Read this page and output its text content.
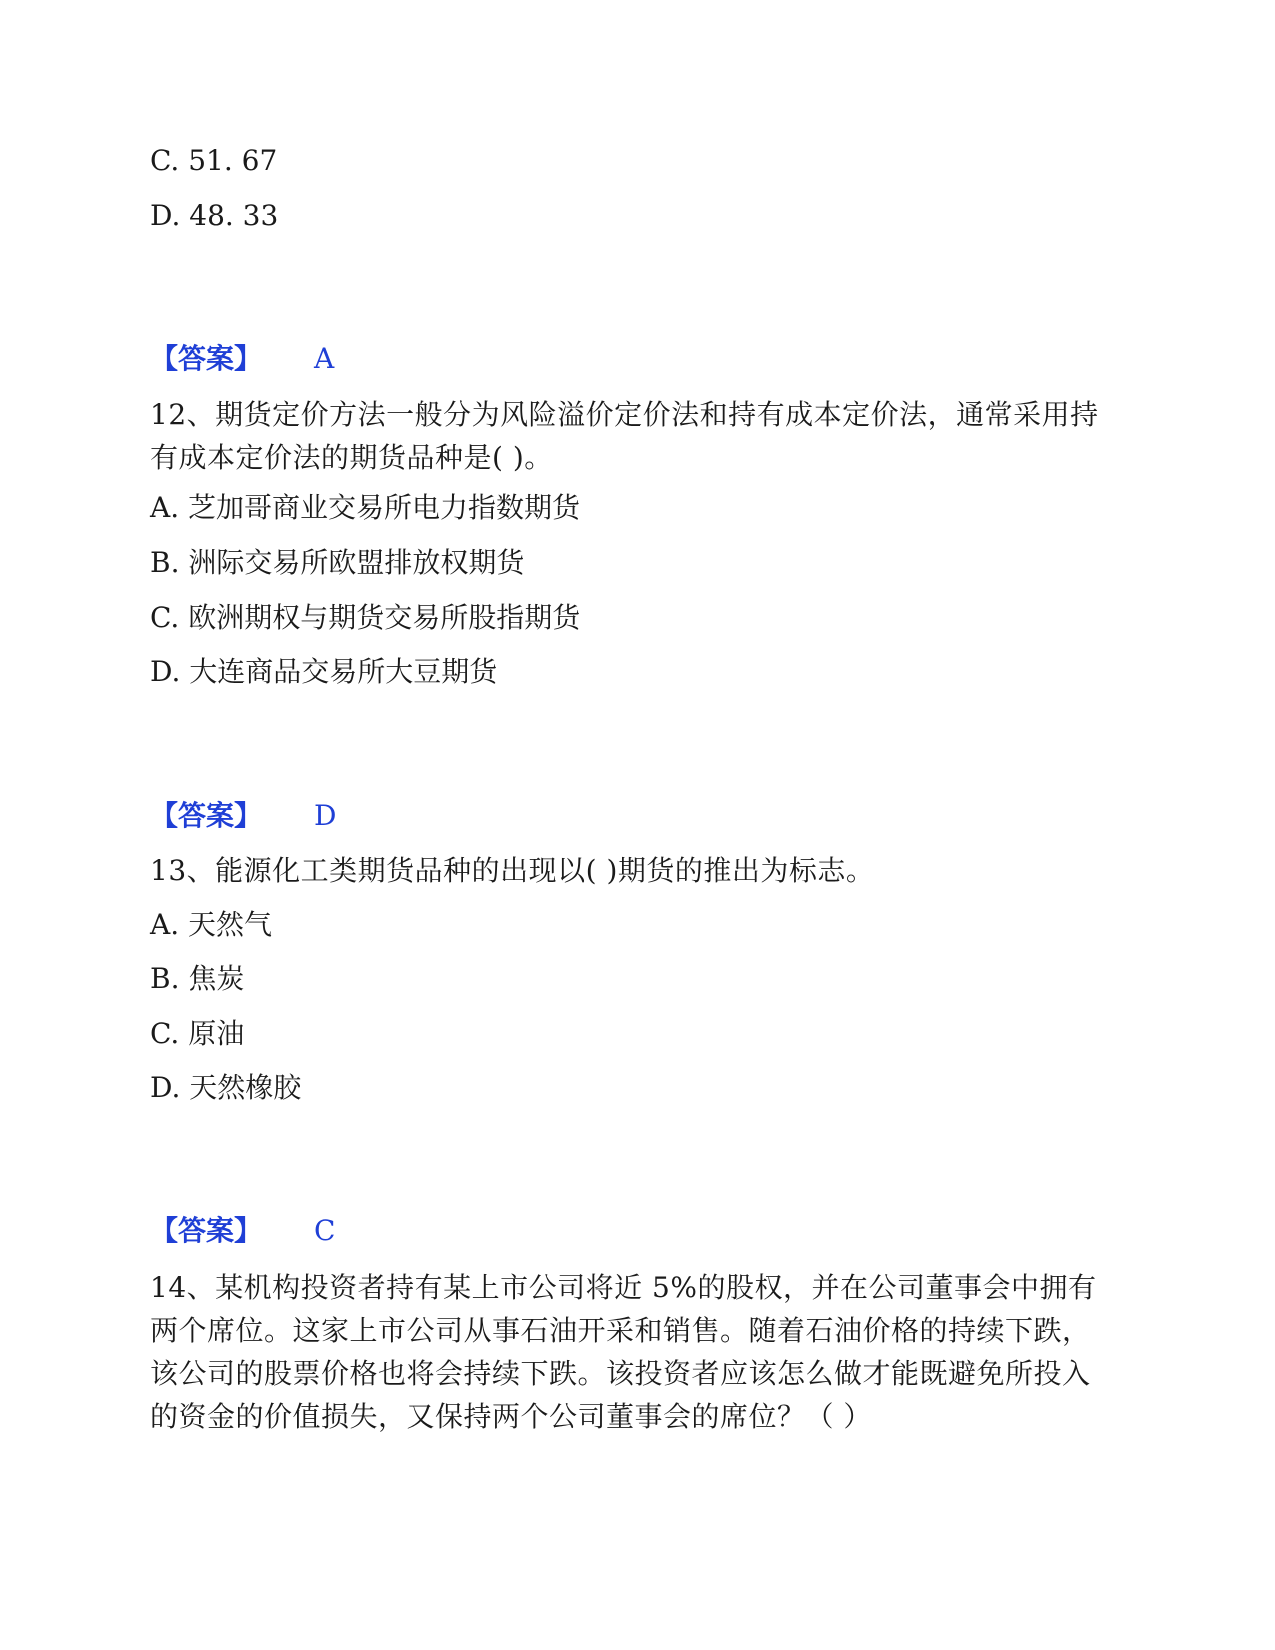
C. 51. 67
D. 48. 33
【答案】 A
12、期货定价方法一般分为风险溢价定价法和持有成本定价法，通常采用持
有成本定价法的期货品种是( )。
A. 芝加哥商业交易所电力指数期货
B. 洲际交易所欧盟排放权期货
C. 欧洲期权与期货交易所股指期货
D. 大连商品交易所大豆期货
【答案】 D
13、能源化工类期货品种的出现以( )期货的推出为标志。
A. 天然气
B. 焦炭
C. 原油
D. 天然橡胶
【答案】 C
14、某机构投资者持有某上市公司将近 5%的股权，并在公司董事会中拥有
两个席位。这家上市公司从事石油开采和销售。随着石油价格的持续下跌，
该公司的股票价格也将会持续下跌。该投资者应该怎么做才能既避免所投入
的资金的价值损失，又保持两个公司董事会的席位？（ ）
